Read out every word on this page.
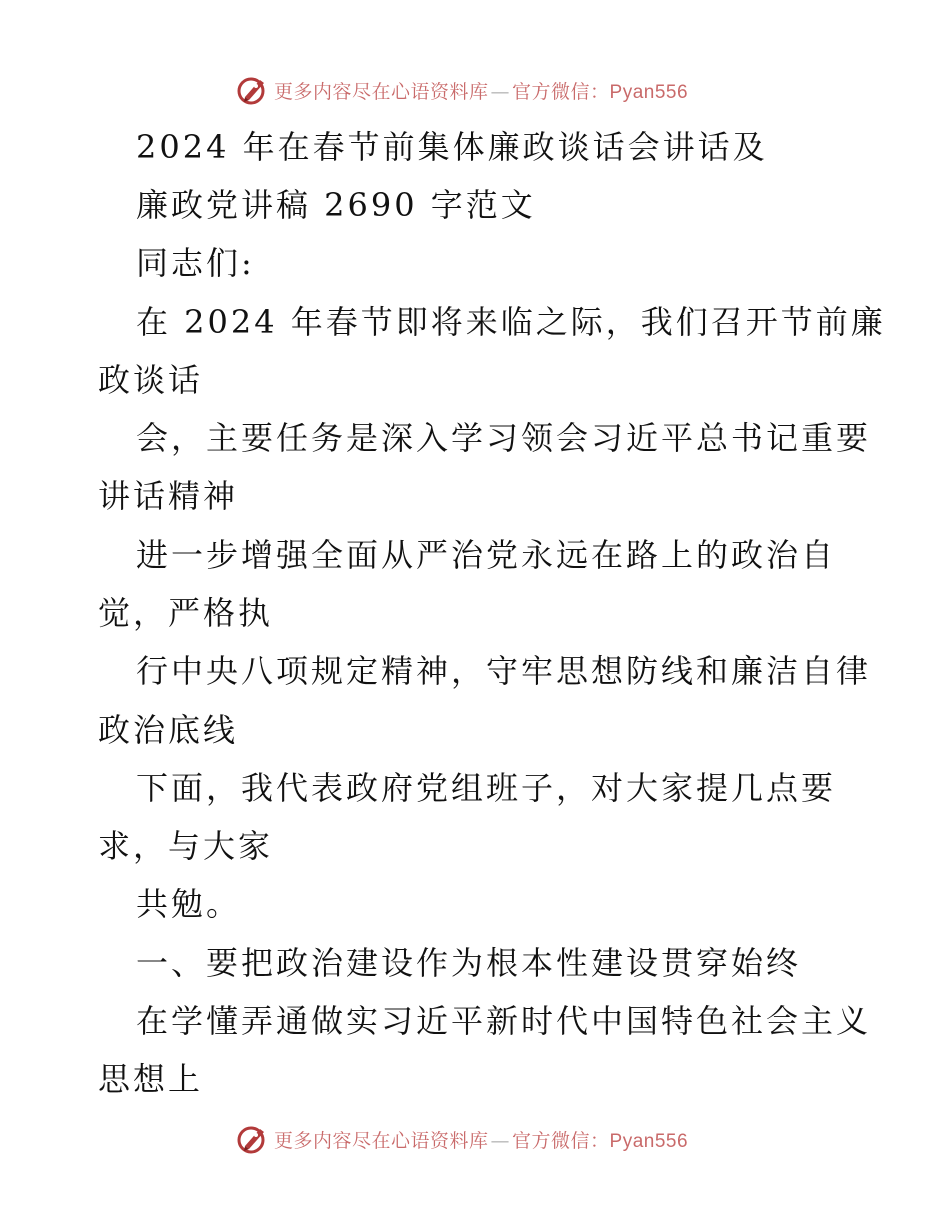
更多内容尽在心语资料库 — 官方微信：Pyan556

2024 年在春节前集体廉政谈话会讲话及

廉政党讲稿 2690 字范文

同志们:

在 2024 年春节即将来临之际，我们召开节前廉

政谈话

会，主要任务是深入学习领会习近平总书记重要

讲话精神

进一步增强全面从严治党永远在路上的政治自

觉，严格执

行中央八项规定精神，守牢思想防线和廉洁自律

政治底线

下面，我代表政府党组班子，对大家提几点要

求，与大家

共勉。

一、要把政治建设作为根本性建设贯穿始终

在学懂弄通做实习近平新时代中国特色社会主义

思想上

更多内容尽在心语资料库 — 官方微信：Pyan556
